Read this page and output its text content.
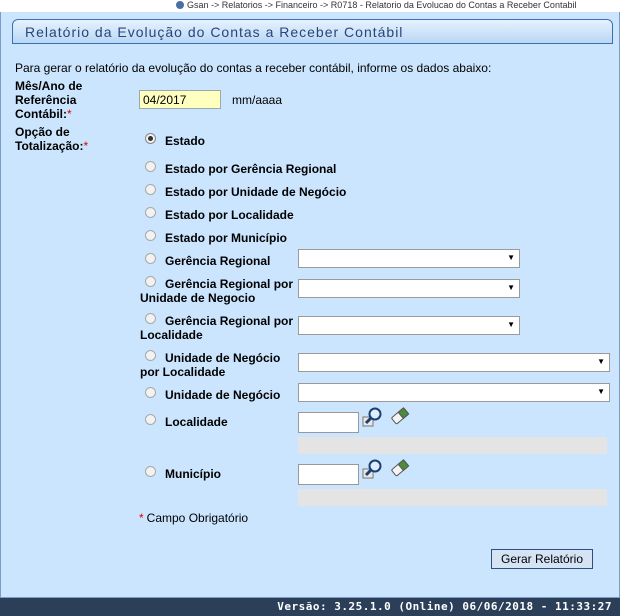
Gsan -> Relatorios -> Financeiro -> R0718 - Relatorio da Evolucao do Contas a Receber Contabil
Relatório da Evolução do Contas a Receber Contábil
Para gerar o relatório da evolução do contas a receber contábil, informe os dados abaixo:
Mês/Ano de
Referência
Contábil:*
04/2017
mm/aaaa
Opção de
Totalização:*	Estado
Estado por Gerência Regional
Estado por Unidade de Negócio
Estado por Localidade
Estado por Município
Gerência Regional
▼
Gerência Regional por
Unidade de Negocio
▼
Gerência Regional por
Localidade
▼
Unidade de Negócio
por Localidade
▼
Unidade de Negócio
▼
Localidade
Município
* Campo Obrigatório
Gerar Relatório
Versão: 3.25.1.0 (Online) 06/06/2018 - 11:33:27
